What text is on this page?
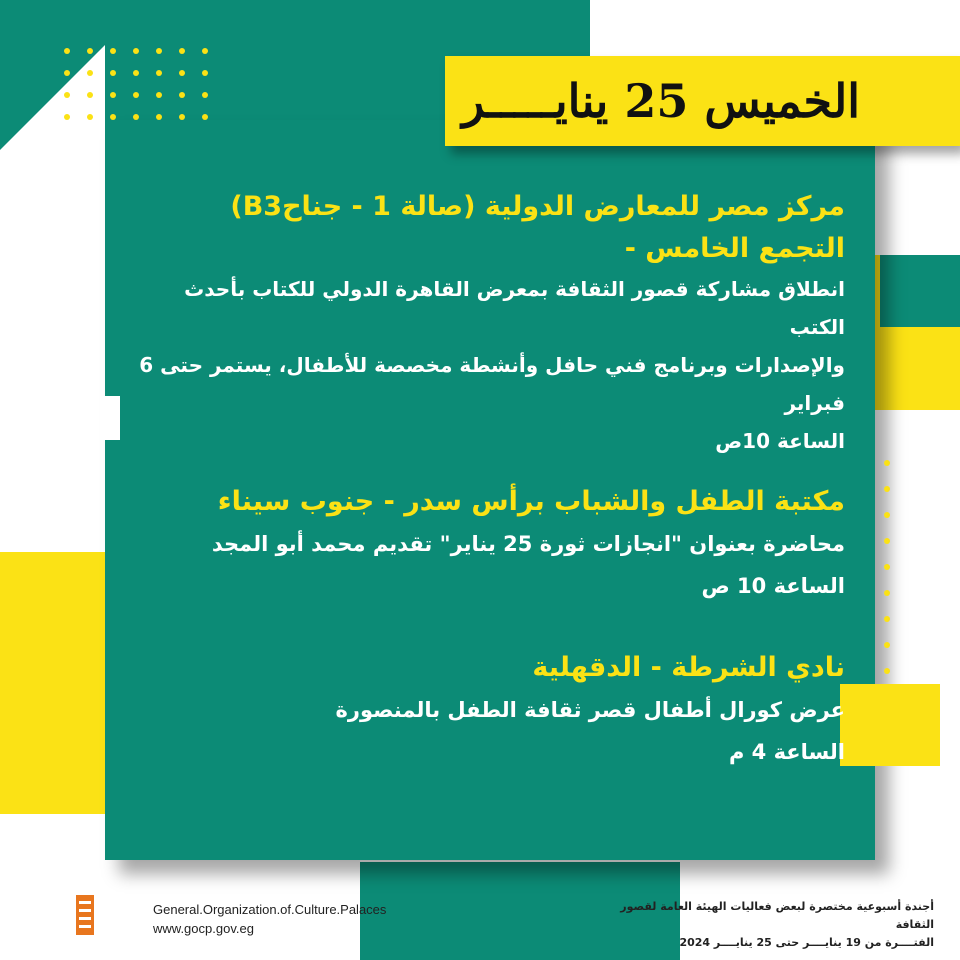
الخميس 25 ينايـــــر
مركز مصر للمعارض الدولية (صالة 1 - جناحB3)
التجمع الخامس -
انطلاق مشاركة قصور الثقافة بمعرض القاهرة الدولي للكتاب بأحدث الكتب
والإصدارات وبرنامج فني حافل وأنشطة مخصصة للأطفال، يستمر حتى 6
فبراير
الساعة 10ص
مكتبة الطفل والشباب برأس سدر - جنوب سيناء
محاضرة بعنوان "انجازات ثورة 25 يناير" تقديم محمد أبو المجد
الساعة 10 ص
نادي الشرطة - الدقهلية
عرض كورال أطفال قصر ثقافة الطفل بالمنصورة
الساعة 4 م
General.Organization.of.Culture.Palaces
www.gocp.gov.eg
أجندة أسبوعية مختصرة لبعض فعاليات الهيئة العامة لقصور الثقافة
الفتــــرة من 19 ينايــــر حتى 25 ينايــــر 2024
